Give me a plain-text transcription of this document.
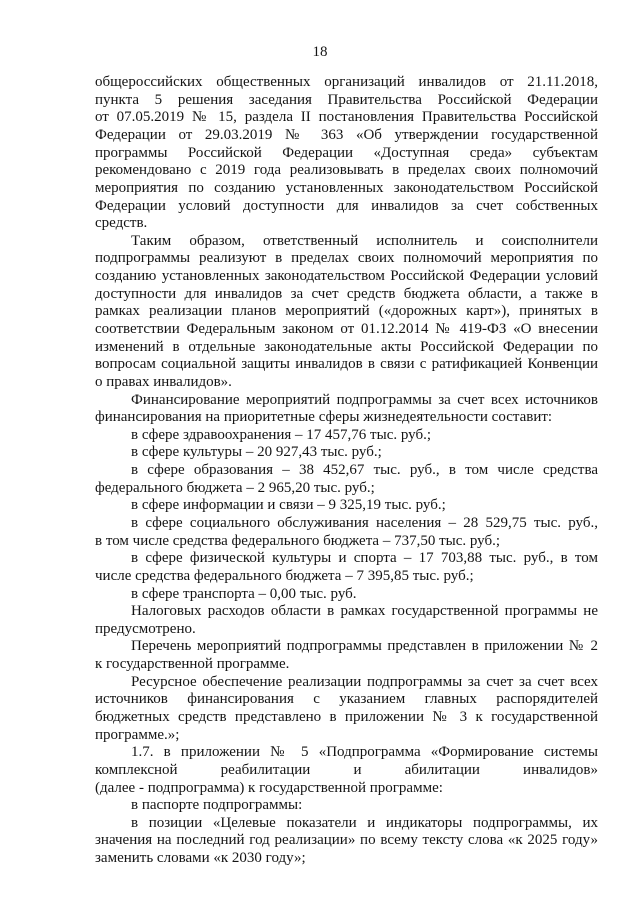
18
общероссийских общественных организаций инвалидов от 21.11.2018,
пункта 5 решения заседания Правительства Российской Федерации
от 07.05.2019 № 15, раздела II постановления Правительства Российской
Федерации от 29.03.2019 № 363 «Об утверждении государственной
программы Российской Федерации «Доступная среда» субъектам
рекомендовано с 2019 года реализовывать в пределах своих полномочий
мероприятия по созданию установленных законодательством Российской
Федерации условий доступности для инвалидов за счет собственных
средств.
Таким образом, ответственный исполнитель и соисполнители
подпрограммы реализуют в пределах своих полномочий мероприятия по
созданию установленных законодательством Российской Федерации условий
доступности для инвалидов за счет средств бюджета области, а также в
рамках реализации планов мероприятий («дорожных карт»), принятых в
соответствии Федеральным законом от 01.12.2014 № 419-ФЗ «О внесении
изменений в отдельные законодательные акты Российской Федерации по
вопросам социальной защиты инвалидов в связи с ратификацией Конвенции
о правах инвалидов».
Финансирование мероприятий подпрограммы за счет всех источников
финансирования на приоритетные сферы жизнедеятельности составит:
в сфере здравоохранения – 17 457,76 тыс. руб.;
в сфере культуры – 20 927,43 тыс. руб.;
в сфере образования – 38 452,67 тыс. руб., в том числе средства
федерального бюджета – 2 965,20 тыс. руб.;
в сфере информации и связи – 9 325,19 тыс. руб.;
в сфере социального обслуживания населения – 28 529,75 тыс. руб.,
в том числе средства федерального бюджета – 737,50 тыс. руб.;
в сфере физической культуры и спорта – 17 703,88 тыс. руб., в том
числе средства федерального бюджета – 7 395,85 тыс. руб.;
в сфере транспорта – 0,00 тыс. руб.
Налоговых расходов области в рамках государственной программы не
предусмотрено.
Перечень мероприятий подпрограммы представлен в приложении № 2
к государственной программе.
Ресурсное обеспечение реализации подпрограммы за счет за счет всех
источников финансирования с указанием главных распорядителей
бюджетных средств представлено в приложении № 3 к государственной
программе.»;
1.7. в приложении № 5 «Подпрограмма «Формирование системы
комплексной реабилитации и абилитации инвалидов»
(далее - подпрограмма) к государственной программе:
в паспорте подпрограммы:
в позиции «Целевые показатели и индикаторы подпрограммы, их
значения на последний год реализации» по всему тексту слова «к 2025 году»
заменить словами «к 2030 году»;
